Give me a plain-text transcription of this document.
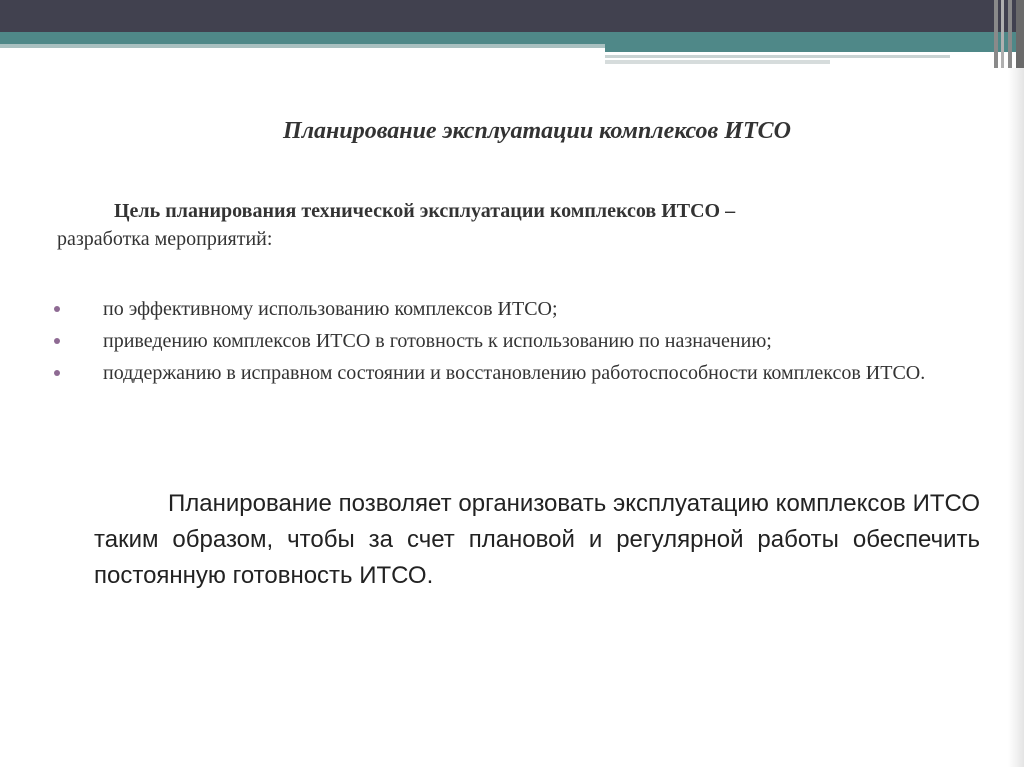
Планирование эксплуатации комплексов ИТСО
Цель планирования технической эксплуатации комплексов ИТСО –
разработка мероприятий:
по эффективному использованию комплексов ИТСО;
приведению комплексов ИТСО в готовность к использованию по назначению;
поддержанию в исправном состоянии и восстановлению работоспособности комплексов ИТСО.

Планирование позволяет организовать эксплуатацию комплексов ИТСО таким образом, чтобы за счет плановой и регулярной работы обеспечить постоянную готовность ИТСО.
